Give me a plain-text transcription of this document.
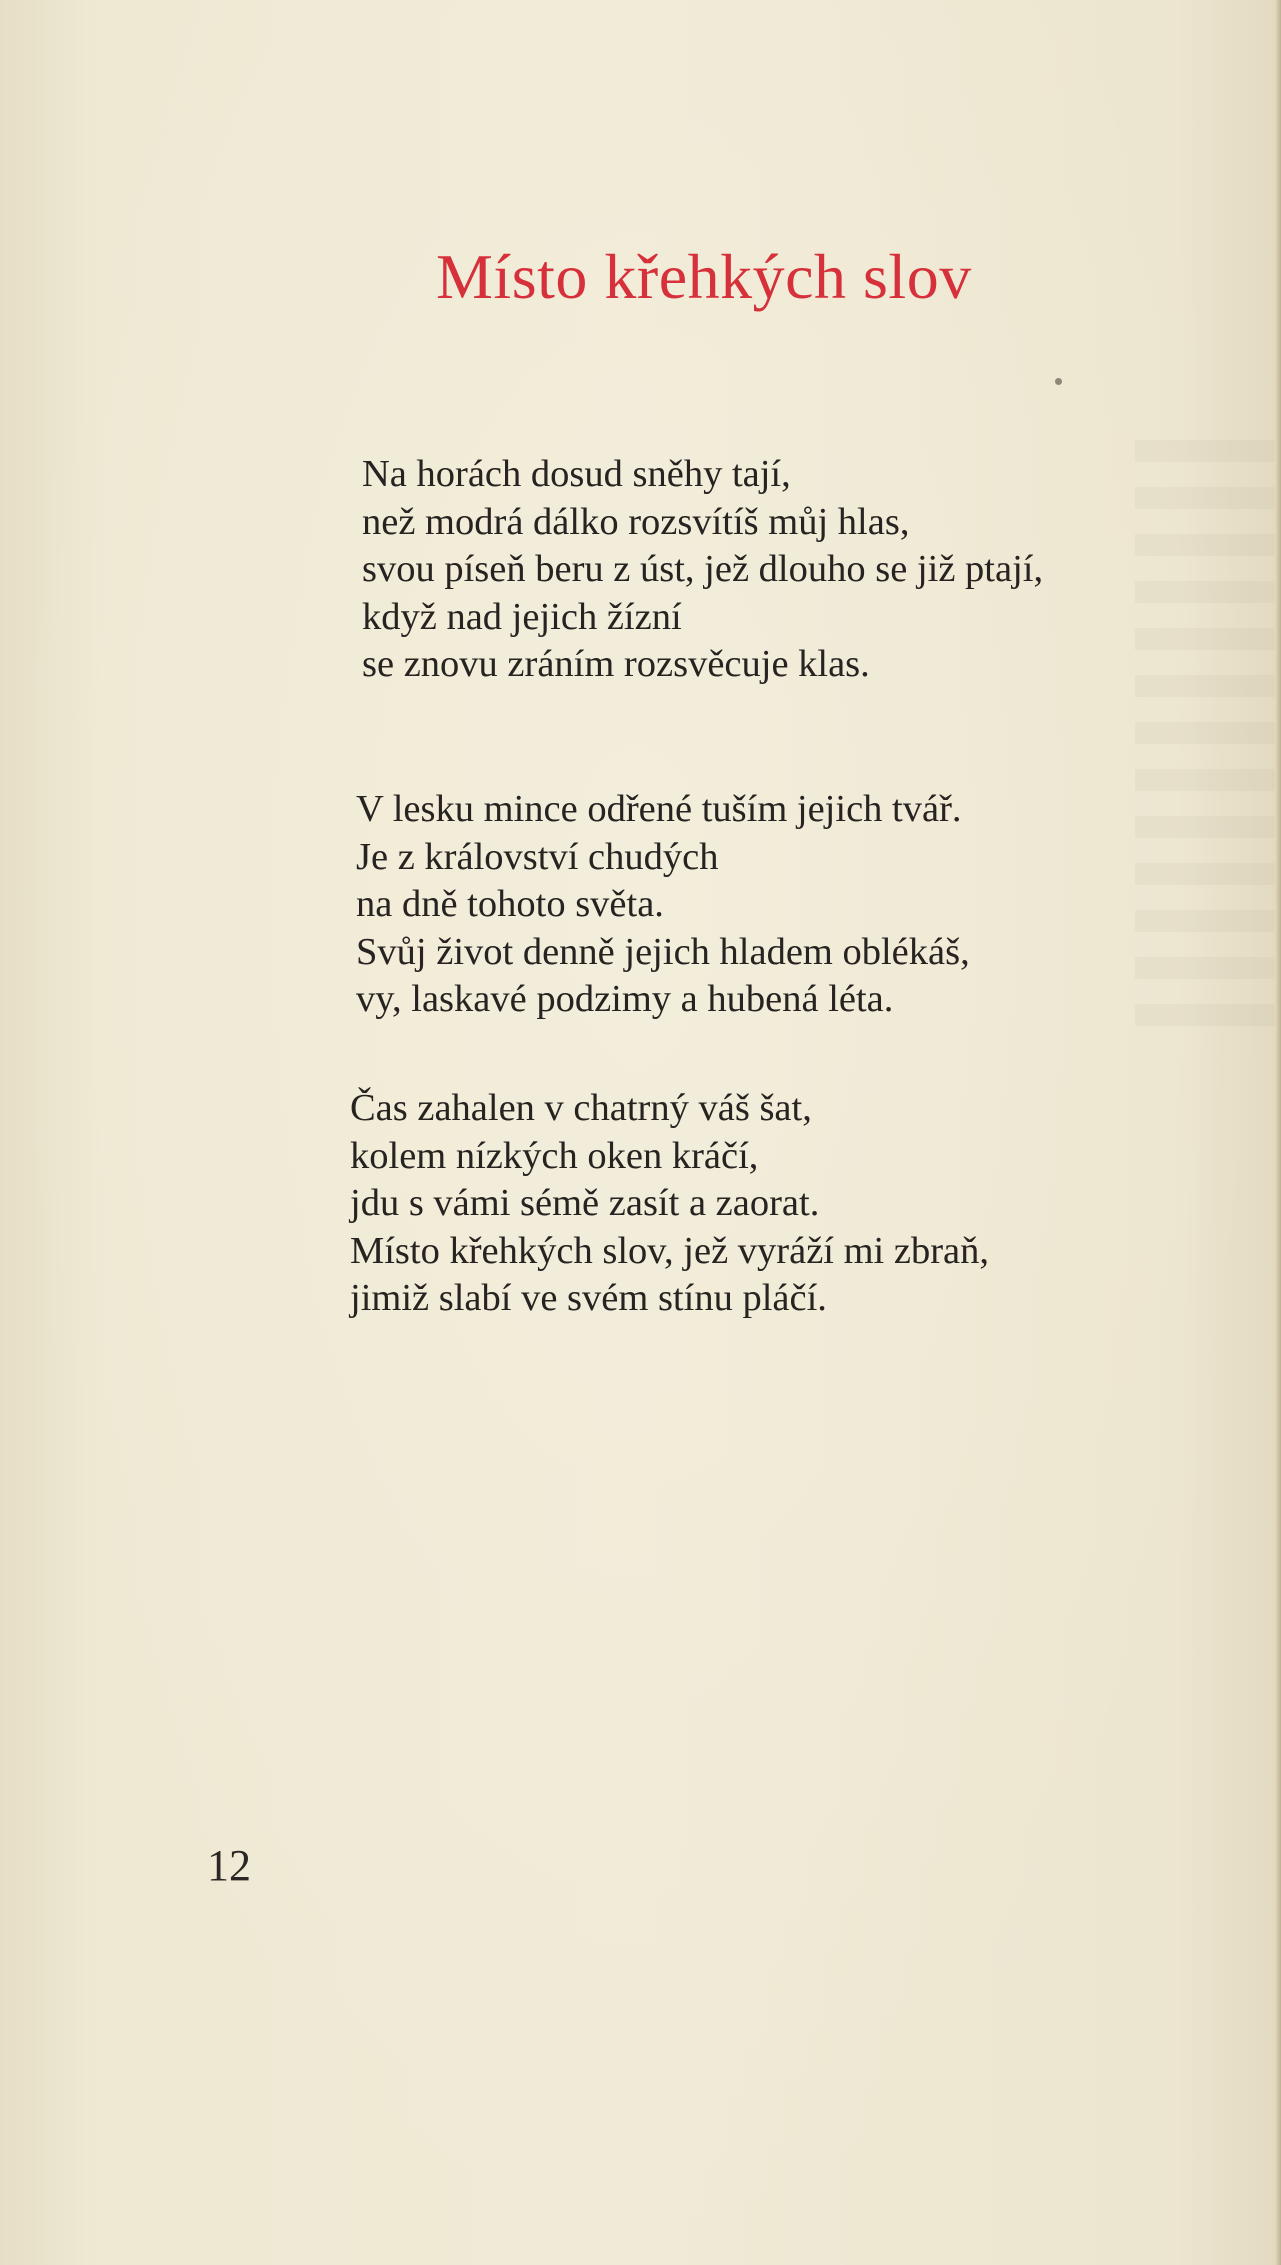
Místo křehkých slov
Na horách dosud sněhy tají,
než modrá dálko rozsvítíš můj hlas,
svou píseň beru z úst, jež dlouho se již ptají,
když nad jejich žízní
se znovu zráním rozsvěcuje klas.
V lesku mince odřené tuším jejich tvář.
Je z království chudých
na dně tohoto světa.
Svůj život denně jejich hladem oblékáš,
vy, laskavé podzimy a hubená léta.
Čas zahalen v chatrný váš šat,
kolem nízkých oken kráčí,
jdu s vámi sémě zasít a zaorat.
Místo křehkých slov, jež vyráží mi zbraň,
jimiž slabí ve svém stínu pláčí.

12
